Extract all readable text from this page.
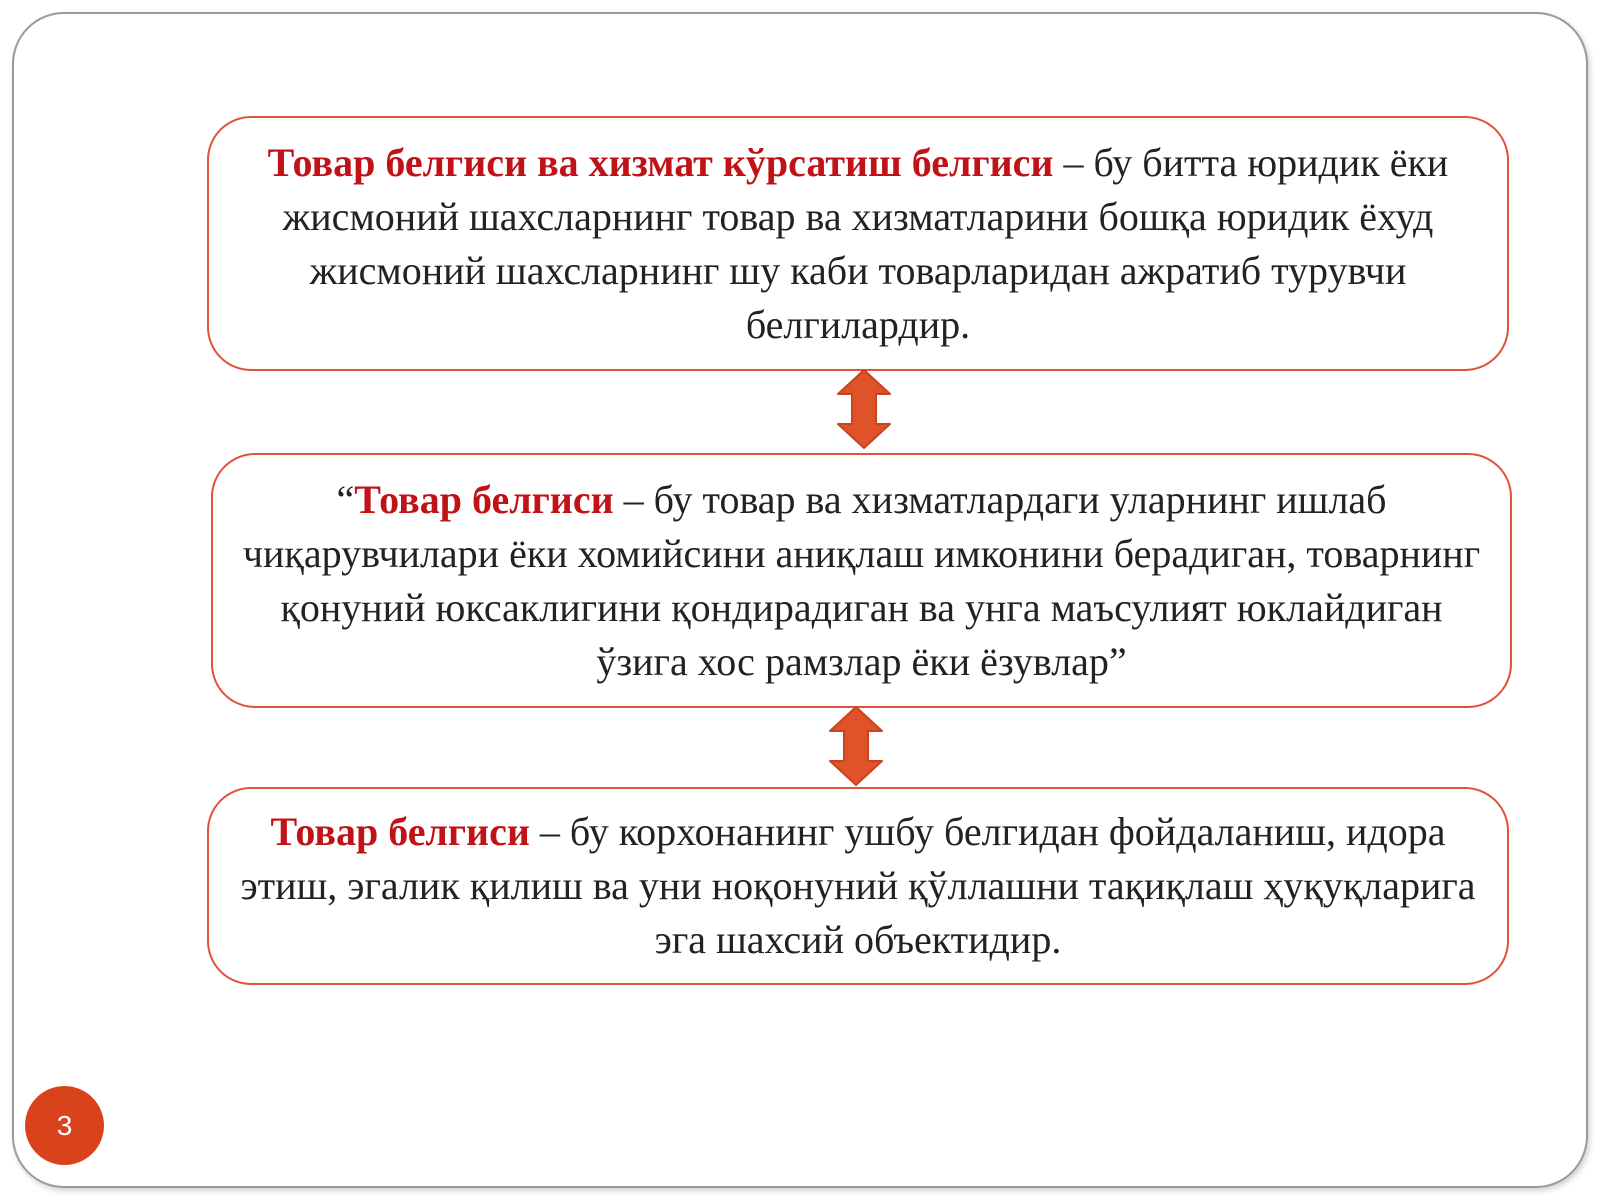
Товар белгиси ва хизмат кўрсатиш белгиси – бу битта юридик ёки жисмоний шахсларнинг товар ва хизматларини бошқа юридик ёхуд жисмоний шахсларнинг шу каби товарларидан ажратиб турувчи белгилардир.
“Товар белгиси – бу товар ва хизматлардаги уларнинг ишлаб чиқарувчилари ёки хомийсини аниқлаш имконини берадиган, товарнинг қонуний юксаклигини қондирадиган ва унга маъсулият юклайдиган ўзига хос рамзлар ёки ёзувлар”
Товар белгиси – бу корхонанинг ушбу белгидан фойдаланиш, идора этиш, эгалик қилиш ва уни ноқонуний қўллашни тақиқлаш ҳуқуқларига эга шахсий объектидир.
3
